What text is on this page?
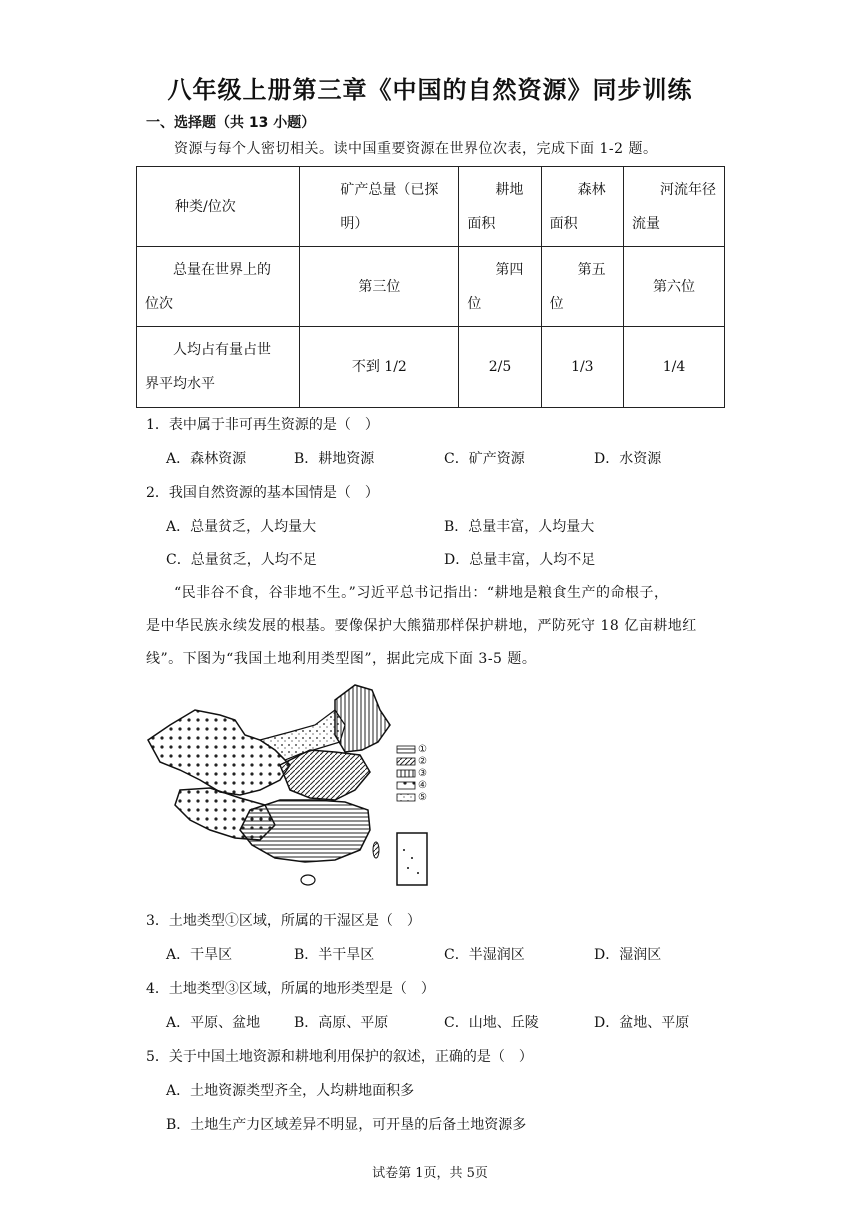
八年级上册第三章《中国的自然资源》同步训练
一、选择题（共 13 小题）
资源与每个人密切相关。读中国重要资源在世界位次表，完成下面 1-2 题。
种类/位次	矿产总量（已探明）	耕地面积	森林面积	河流年径流量

总量在世界上的位次	第三位	第四位	第五位	第六位

人均占有量占世界平均水平	不到 1/2	2/5	1/3	1/4
1．表中属于非可再生资源的是（　）
A．森林资源	B．耕地资源	C．矿产资源	D．水资源
2．我国自然资源的基本国情是（　）
A．总量贫乏，人均量大	B．总量丰富，人均量大
C．总量贫乏，人均不足	D．总量丰富，人均不足
“民非谷不食，谷非地不生。”习近平总书记指出：“耕地是粮食生产的命根子，
是中华民族永续发展的根基。要像保护大熊猫那样保护耕地，严防死守 18 亿亩耕地红
线”。下图为“我国土地利用类型图”，据此完成下面 3-5 题。
①
②
③
④
⑤
3．土地类型①区域，所属的干湿区是（　）
A．干旱区	B．半干旱区	C．半湿润区	D．湿润区
4．土地类型③区域，所属的地形类型是（　）
A．平原、盆地 B．高原、平原	C．山地、丘陵	D．盆地、平原
5．关于中国土地资源和耕地利用保护的叙述，正确的是（　）
A．土地资源类型齐全，人均耕地面积多
B．土地生产力区域差异不明显，可开垦的后备土地资源多
试卷第 1页，共 5页
